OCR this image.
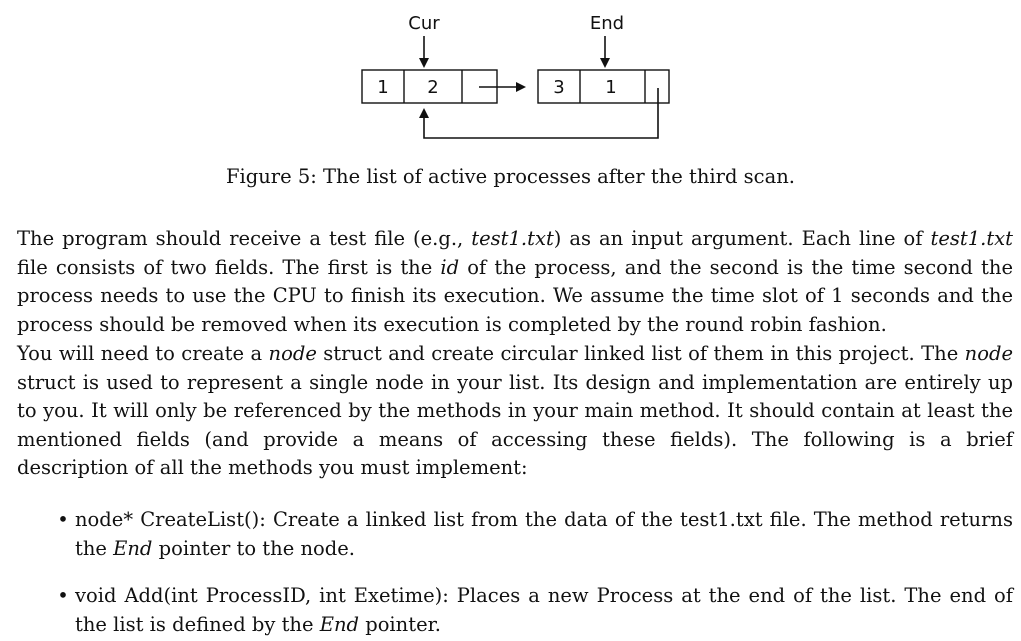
Cur	End
1 2	3 1
Figure 5: The list of active processes after the third scan.
The program should receive a test file (e.g., test1.txt) as an input argument. Each line of test1.txt file consists of two fields. The first is the id of the process, and the second is the time second the process needs to use the CPU to finish its execution. We assume the time slot of 1 seconds and the process should be removed when its execution is completed by the round robin fashion.
You will need to create a node struct and create circular linked list of them in this project. The node struct is used to represent a single node in your list. Its design and implementation are entirely up to you. It will only be referenced by the methods in your main method. It should contain at least the mentioned fields (and provide a means of accessing these fields). The following is a brief description of all the methods you must implement:
• node* CreateList(): Create a linked list from the data of the test1.txt file. The method returns the End pointer to the node.
• void Add(int ProcessID, int Exetime): Places a new Process at the end of the list. The end of the list is defined by the End pointer.
